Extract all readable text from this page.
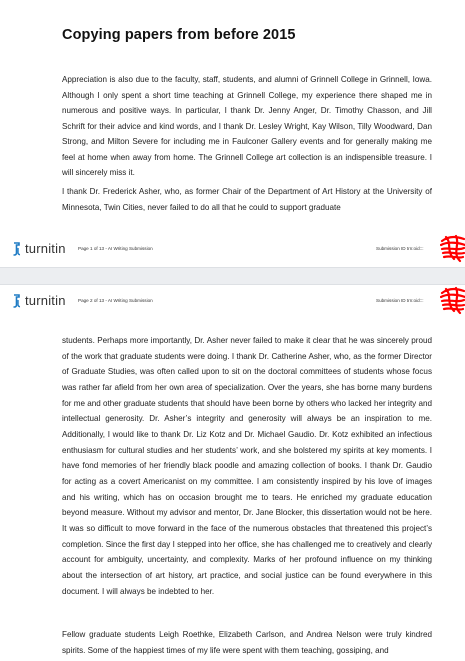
Copying papers from before 2015

Appreciation is also due to the faculty, staff, students, and alumni of Grinnell College in Grinnell, Iowa. Although I only spent a short time teaching at Grinnell College, my experience there shaped me in numerous and positive ways. In particular, I thank Dr. Jenny Anger, Dr. Timothy Chasson, and Jill Schrift for their advice and kind words, and I thank Dr. Lesley Wright, Kay Wilson, Tilly Woodward, Dan Strong, and Milton Severe for including me in Faulconer Gallery events and for generally making me feel at home when away from home. The Grinnell College art collection is an indispensible treasure. I will sincerely miss it.

I thank Dr. Frederick Asher, who, as former Chair of the Department of Art History at the University of Minnesota, Twin Cities, never failed to do all that he could to support graduate

turnitin	Page 1 of 13 - AI Writing Submission	Submission ID trn:oid:::
turnitin	Page 2 of 13 - AI Writing Submission	Submission ID trn:oid:::

students. Perhaps more importantly, Dr. Asher never failed to make it clear that he was sincerely proud of the work that graduate students were doing. I thank Dr. Catherine Asher, who, as the former Director of Graduate Studies, was often called upon to sit on the doctoral committees of students whose focus was rather far afield from her own area of specialization. Over the years, she has borne many burdens for me and other graduate students that should have been borne by others who lacked her integrity and intellectual generosity. Dr. Asher’s integrity and generosity will always be an inspiration to me. Additionally, I would like to thank Dr. Liz Kotz and Dr. Michael Gaudio. Dr. Kotz exhibited an infectious enthusiasm for cultural studies and her students’ work, and she bolstered my spirits at key moments. I have fond memories of her friendly black poodle and amazing collection of books. I thank Dr. Gaudio for acting as a covert Americanist on my committee. I am consistently inspired by his love of images and his writing, which has on occasion brought me to tears. He enriched my graduate education beyond measure. Without my advisor and mentor, Dr. Jane Blocker, this dissertation would not be here. It was so difficult to move forward in the face of the numerous obstacles that threatened this project’s completion. Since the first day I stepped into her office, she has challenged me to creatively and clearly account for ambiguity, uncertainty, and complexity. Marks of her profound influence on my thinking about the intersection of art history, art practice, and social justice can be found everywhere in this document. I will always be indebted to her.

Fellow graduate students Leigh Roethke, Elizabeth Carlson, and Andrea Nelson were truly kindred spirits. Some of the happiest times of my life were spent with them teaching, gossiping, and
